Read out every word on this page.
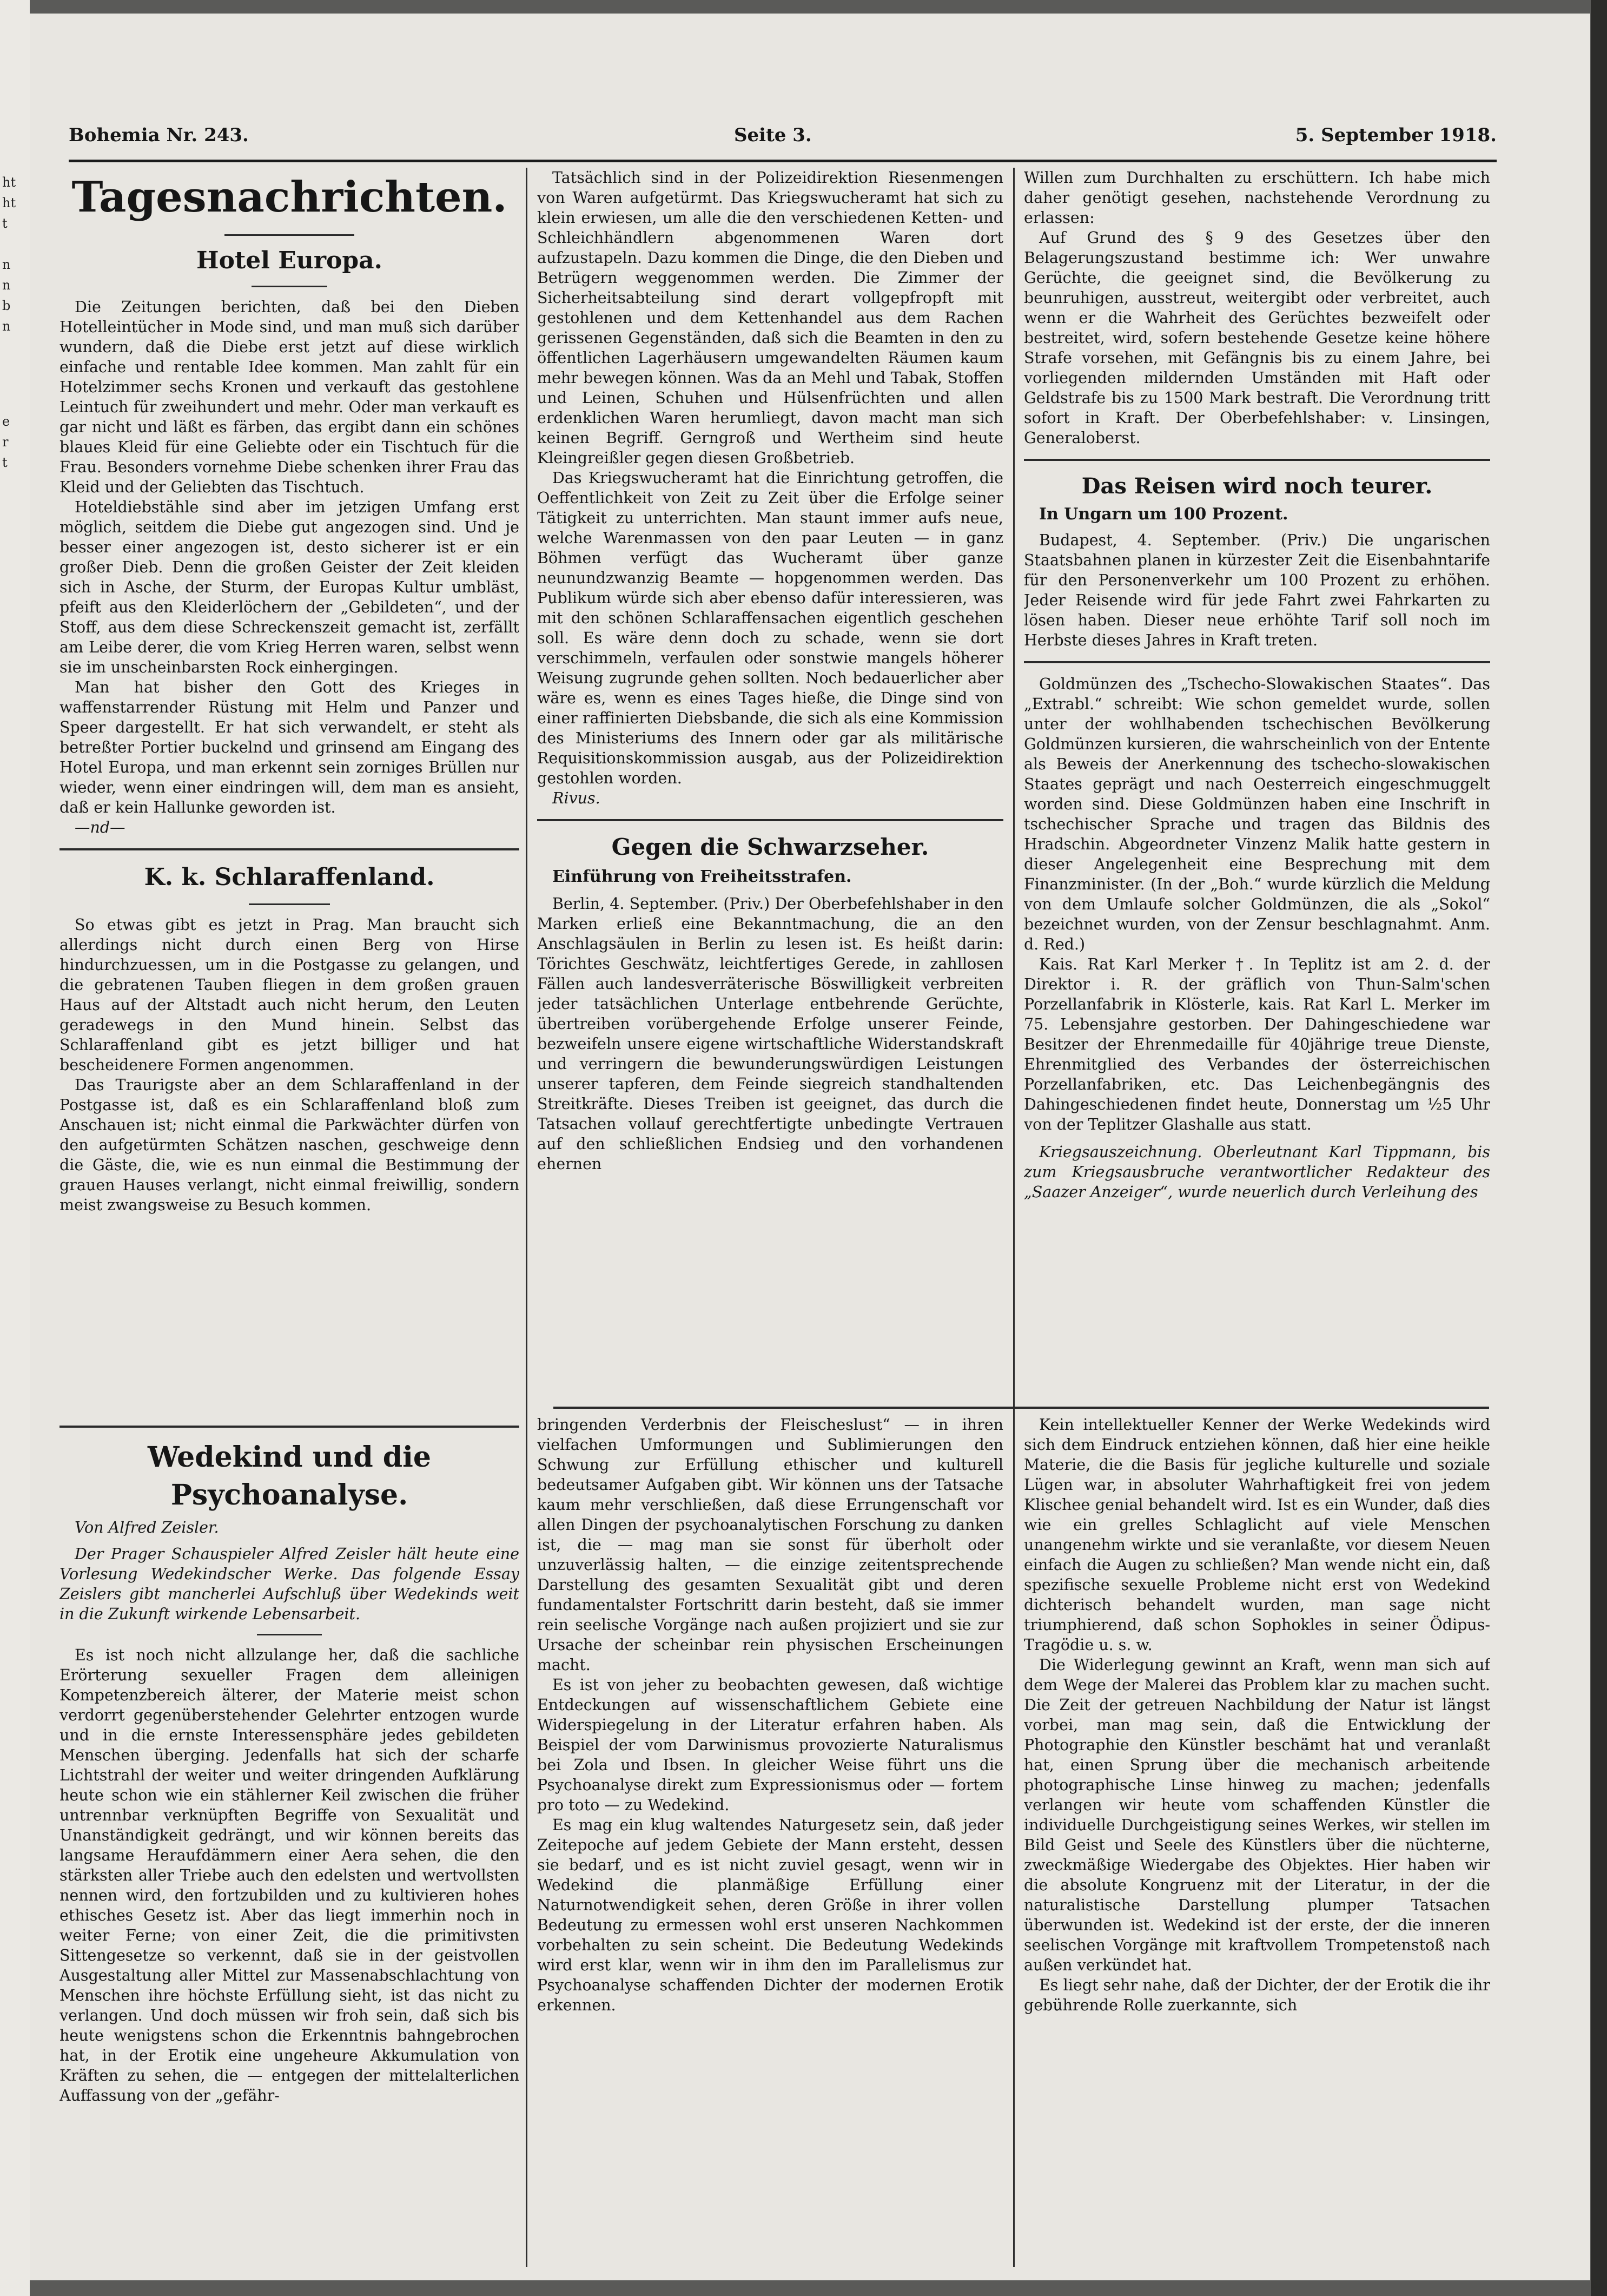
ht
ht
t
n
n
b
n
e
r
t
Bohemia Nr. 243.	Seite 3.	5. September 1918.
Tagesnachrichten.
Hotel Europa.

Die Zeitungen berichten, daß bei den Dieben Hotelleintücher in Mode sind, und man muß sich darüber wundern, daß die Diebe erst jetzt auf diese wirklich einfache und rentable Idee kommen. Man zahlt für ein Hotelzimmer sechs Kronen und verkauft das gestohlene Leintuch für zweihundert und mehr. Oder man verkauft es gar nicht und läßt es färben, das ergibt dann ein schönes blaues Kleid für eine Geliebte oder ein Tischtuch für die Frau. Besonders vornehme Diebe schenken ihrer Frau das Kleid und der Geliebten das Tischtuch.

Hoteldiebstähle sind aber im jetzigen Umfang erst möglich, seitdem die Diebe gut angezogen sind. Und je besser einer angezogen ist, desto sicherer ist er ein großer Dieb. Denn die großen Geister der Zeit kleiden sich in Asche, der Sturm, der Europas Kultur umbläst, pfeift aus den Kleiderlöchern der „Gebildeten“, und der Stoff, aus dem diese Schreckenszeit gemacht ist, zerfällt am Leibe derer, die vom Krieg Herren waren, selbst wenn sie im unscheinbarsten Rock einhergingen.

Man hat bisher den Gott des Krieges in waffenstarrender Rüstung mit Helm und Panzer und Speer dargestellt. Er hat sich verwandelt, er steht als betreßter Portier buckelnd und grinsend am Eingang des Hotel Europa, und man erkennt sein zorniges Brüllen nur wieder, wenn einer eindringen will, dem man es ansieht, daß er kein Hallunke geworden ist.

—nd—

K. k. Schlaraffenland.

So etwas gibt es jetzt in Prag. Man braucht sich allerdings nicht durch einen Berg von Hirse hindurchzuessen, um in die Postgasse zu gelangen, und die gebratenen Tauben fliegen in dem großen grauen Haus auf der Altstadt auch nicht herum, den Leuten geradewegs in den Mund hinein. Selbst das Schlaraffenland gibt es jetzt billiger und hat bescheidenere Formen angenommen.

Das Traurigste aber an dem Schlaraffenland in der Postgasse ist, daß es ein Schlaraffenland bloß zum Anschauen ist; nicht einmal die Parkwächter dürfen von den aufgetürmten Schätzen naschen, geschweige denn die Gäste, die, wie es nun einmal die Bestimmung der grauen Hauses verlangt, nicht einmal freiwillig, sondern meist zwangsweise zu Besuch kommen.

Tatsächlich sind in der Polizeidirektion Riesenmengen von Waren aufgetürmt. Das Kriegswucheramt hat sich zu klein erwiesen, um alle die den verschiedenen Ketten- und Schleichhändlern abgenommenen Waren dort aufzustapeln. Dazu kommen die Dinge, die den Dieben und Betrügern weggenommen werden. Die Zimmer der Sicherheitsabteilung sind derart vollgepfropft mit gestohlenen und dem Kettenhandel aus dem Rachen gerissenen Gegenständen, daß sich die Beamten in den zu öffentlichen Lagerhäusern umgewandelten Räumen kaum mehr bewegen können. Was da an Mehl und Tabak, Stoffen und Leinen, Schuhen und Hülsenfrüchten und allen erdenklichen Waren herumliegt, davon macht man sich keinen Begriff. Gerngroß und Wertheim sind heute Kleingreißler gegen diesen Großbetrieb.

Das Kriegswucheramt hat die Einrichtung getroffen, die Oeffentlichkeit von Zeit zu Zeit über die Erfolge seiner Tätigkeit zu unterrichten. Man staunt immer aufs neue, welche Warenmassen von den paar Leuten — in ganz Böhmen verfügt das Wucheramt über ganze neunundzwanzig Beamte — hopgenommen werden. Das Publikum würde sich aber ebenso dafür interessieren, was mit den schönen Schlaraffensachen eigentlich geschehen soll. Es wäre denn doch zu schade, wenn sie dort verschimmeln, verfaulen oder sonstwie mangels höherer Weisung zugrunde gehen sollten. Noch bedauerlicher aber wäre es, wenn es eines Tages hieße, die Dinge sind von einer raffinierten Diebsbande, die sich als eine Kommission des Ministeriums des Innern oder gar als militärische Requisitionskommission ausgab, aus der Polizeidirektion gestohlen worden.

Rivus.

Gegen die Schwarzseher.

Einführung von Freiheitsstrafen.

Berlin, 4. September. (Priv.) Der Oberbefehlshaber in den Marken erließ eine Bekanntmachung, die an den Anschlagsäulen in Berlin zu lesen ist. Es heißt darin: Törichtes Geschwätz, leichtfertiges Gerede, in zahllosen Fällen auch landesverräterische Böswilligkeit verbreiten jeder tatsächlichen Unterlage entbehrende Gerüchte, übertreiben vorübergehende Erfolge unserer Feinde, bezweifeln unsere eigene wirtschaftliche Widerstandskraft und verringern die bewunderungswürdigen Leistungen unserer tapferen, dem Feinde siegreich standhaltenden Streitkräfte. Dieses Treiben ist geeignet, das durch die Tatsachen vollauf gerechtfertigte unbedingte Vertrauen auf den schließlichen Endsieg und den vorhandenen ehernen

Willen zum Durchhalten zu erschüttern. Ich habe mich daher genötigt gesehen, nachstehende Verordnung zu erlassen:

Auf Grund des § 9 des Gesetzes über den Belagerungszustand bestimme ich: Wer unwahre Gerüchte, die geeignet sind, die Bevölkerung zu beunruhigen, ausstreut, weitergibt oder verbreitet, auch wenn er die Wahrheit des Gerüchtes bezweifelt oder bestreitet, wird, sofern bestehende Gesetze keine höhere Strafe vorsehen, mit Gefängnis bis zu einem Jahre, bei vorliegenden mildernden Umständen mit Haft oder Geldstrafe bis zu 1500 Mark bestraft. Die Verordnung tritt sofort in Kraft. Der Oberbefehlshaber: v. Linsingen, Generaloberst.

Das Reisen wird noch teurer.

In Ungarn um 100 Prozent.

Budapest, 4. September. (Priv.) Die ungarischen Staatsbahnen planen in kürzester Zeit die Eisenbahntarife für den Personenverkehr um 100 Prozent zu erhöhen. Jeder Reisende wird für jede Fahrt zwei Fahrkarten zu lösen haben. Dieser neue erhöhte Tarif soll noch im Herbste dieses Jahres in Kraft treten.

Goldmünzen des „Tschecho-Slowakischen Staates“. Das „Extrabl.“ schreibt: Wie schon gemeldet wurde, sollen unter der wohlhabenden tschechischen Bevölkerung Goldmünzen kursieren, die wahrscheinlich von der Entente als Beweis der Anerkennung des tschecho-slowakischen Staates geprägt und nach Oesterreich eingeschmuggelt worden sind. Diese Goldmünzen haben eine Inschrift in tschechischer Sprache und tragen das Bildnis des Hradschin. Abgeordneter Vinzenz Malik hatte gestern in dieser Angelegenheit eine Besprechung mit dem Finanzminister. (In der „Boh.“ wurde kürzlich die Meldung von dem Umlaufe solcher Goldmünzen, die als „Sokol“ bezeichnet wurden, von der Zensur beschlagnahmt. Anm. d. Red.)

Kais. Rat Karl Merker †. In Teplitz ist am 2. d. der Direktor i. R. der gräflich von Thun-Salm'schen Porzellanfabrik in Klösterle, kais. Rat Karl L. Merker im 75. Lebensjahre gestorben. Der Dahingeschiedene war Besitzer der Ehrenmedaille für 40jährige treue Dienste, Ehrenmitglied des Verbandes der österreichischen Porzellanfabriken, etc. Das Leichenbegängnis des Dahingeschiedenen findet heute, Donnerstag um ½5 Uhr von der Teplitzer Glashalle aus statt.

Kriegsauszeichnung. Oberleutnant Karl Tippmann, bis zum Kriegsausbruche verantwortlicher Redakteur des „Saazer Anzeiger“, wurde neuerlich durch Verleihung des

Wedekind und die Psychoanalyse.

Von Alfred Zeisler.

Der Prager Schauspieler Alfred Zeisler hält heute eine Vorlesung Wedekindscher Werke. Das folgende Essay Zeislers gibt mancherlei Aufschluß über Wedekinds weit in die Zukunft wirkende Lebensarbeit.

Es ist noch nicht allzulange her, daß die sachliche Erörterung sexueller Fragen dem alleinigen Kompetenzbereich älterer, der Materie meist schon verdorrt gegenüberstehender Gelehrter entzogen wurde und in die ernste Interessensphäre jedes gebildeten Menschen überging. Jedenfalls hat sich der scharfe Lichtstrahl der weiter und weiter dringenden Aufklärung heute schon wie ein stählerner Keil zwischen die früher untrennbar verknüpften Begriffe von Sexualität und Unanständigkeit gedrängt, und wir können bereits das langsame Heraufdämmern einer Aera sehen, die den stärksten aller Triebe auch den edelsten und wertvollsten nennen wird, den fortzubilden und zu kultivieren hohes ethisches Gesetz ist. Aber das liegt immerhin noch in weiter Ferne; von einer Zeit, die die primitivsten Sittengesetze so verkennt, daß sie in der geistvollen Ausgestaltung aller Mittel zur Massenabschlachtung von Menschen ihre höchste Erfüllung sieht, ist das nicht zu verlangen. Und doch müssen wir froh sein, daß sich bis heute wenigstens schon die Erkenntnis bahngebrochen hat, in der Erotik eine ungeheure Akkumulation von Kräften zu sehen, die — entgegen der mittelalterlichen Auffassung von der „gefähr-

bringenden Verderbnis der Fleischeslust“ — in ihren vielfachen Umformungen und Sublimierungen den Schwung zur Erfüllung ethischer und kulturell bedeutsamer Aufgaben gibt. Wir können uns der Tatsache kaum mehr verschließen, daß diese Errungenschaft vor allen Dingen der psychoanalytischen Forschung zu danken ist, die — mag man sie sonst für überholt oder unzuverlässig halten, — die einzige zeitentsprechende Darstellung des gesamten Sexualität gibt und deren fundamentalster Fortschritt darin besteht, daß sie immer rein seelische Vorgänge nach außen projiziert und sie zur Ursache der scheinbar rein physischen Erscheinungen macht.

Es ist von jeher zu beobachten gewesen, daß wichtige Entdeckungen auf wissenschaftlichem Gebiete eine Widerspiegelung in der Literatur erfahren haben. Als Beispiel der vom Darwinismus provozierte Naturalismus bei Zola und Ibsen. In gleicher Weise führt uns die Psychoanalyse direkt zum Expressionismus oder — fortem pro toto — zu Wedekind.

Es mag ein klug waltendes Naturgesetz sein, daß jeder Zeitepoche auf jedem Gebiete der Mann ersteht, dessen sie bedarf, und es ist nicht zuviel gesagt, wenn wir in Wedekind die planmäßige Erfüllung einer Naturnotwendigkeit sehen, deren Größe in ihrer vollen Bedeutung zu ermessen wohl erst unseren Nachkommen vorbehalten zu sein scheint. Die Bedeutung Wedekinds wird erst klar, wenn wir in ihm den im Parallelismus zur Psychoanalyse schaffenden Dichter der modernen Erotik erkennen.

Kein intellektueller Kenner der Werke Wedekinds wird sich dem Eindruck entziehen können, daß hier eine heikle Materie, die die Basis für jegliche kulturelle und soziale Lügen war, in absoluter Wahrhaftigkeit frei von jedem Klischee genial behandelt wird. Ist es ein Wunder, daß dies wie ein grelles Schlaglicht auf viele Menschen unangenehm wirkte und sie veranlaßte, vor diesem Neuen einfach die Augen zu schließen? Man wende nicht ein, daß spezifische sexuelle Probleme nicht erst von Wedekind dichterisch behandelt wurden, man sage nicht triumphierend, daß schon Sophokles in seiner Ödipus-Tragödie u. s. w.

Die Widerlegung gewinnt an Kraft, wenn man sich auf dem Wege der Malerei das Problem klar zu machen sucht. Die Zeit der getreuen Nachbildung der Natur ist längst vorbei, man mag sein, daß die Entwicklung der Photographie den Künstler beschämt hat und veranlaßt hat, einen Sprung über die mechanisch arbeitende photographische Linse hinweg zu machen; jedenfalls verlangen wir heute vom schaffenden Künstler die individuelle Durchgeistigung seines Werkes, wir stellen im Bild Geist und Seele des Künstlers über die nüchterne, zweckmäßige Wiedergabe des Objektes. Hier haben wir die absolute Kongruenz mit der Literatur, in der die naturalistische Darstellung plumper Tatsachen überwunden ist. Wedekind ist der erste, der die inneren seelischen Vorgänge mit kraftvollem Trompetenstoß nach außen verkündet hat.

Es liegt sehr nahe, daß der Dichter, der der Erotik die ihr gebührende Rolle zuerkannte, sich
